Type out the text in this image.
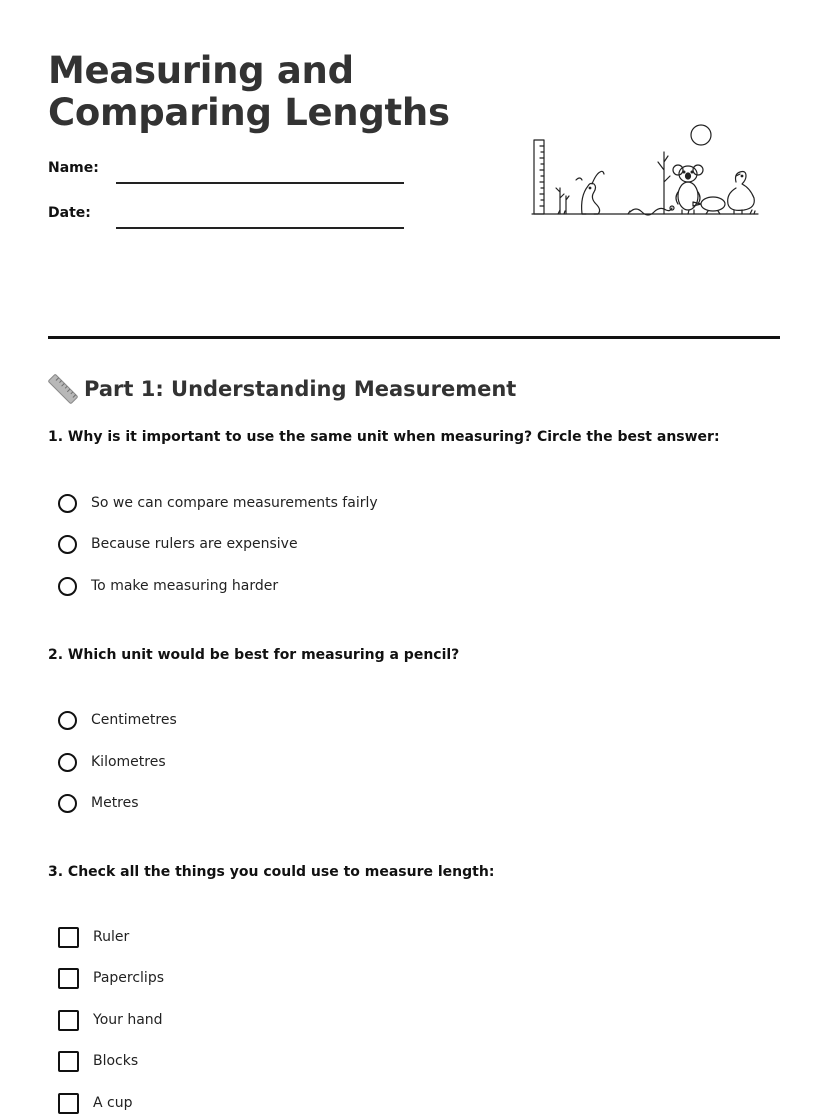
Measuring and
Comparing Lengths
Name:
Date:
Part 1: Understanding Measurement
1. Why is it important to use the same unit when measuring? Circle the best answer:
So we can compare measurements fairly
Because rulers are expensive
To make measuring harder
2. Which unit would be best for measuring a pencil?
Centimetres
Kilometres
Metres
3. Check all the things you could use to measure length:
Ruler
Paperclips
Your hand
Blocks
A cup
